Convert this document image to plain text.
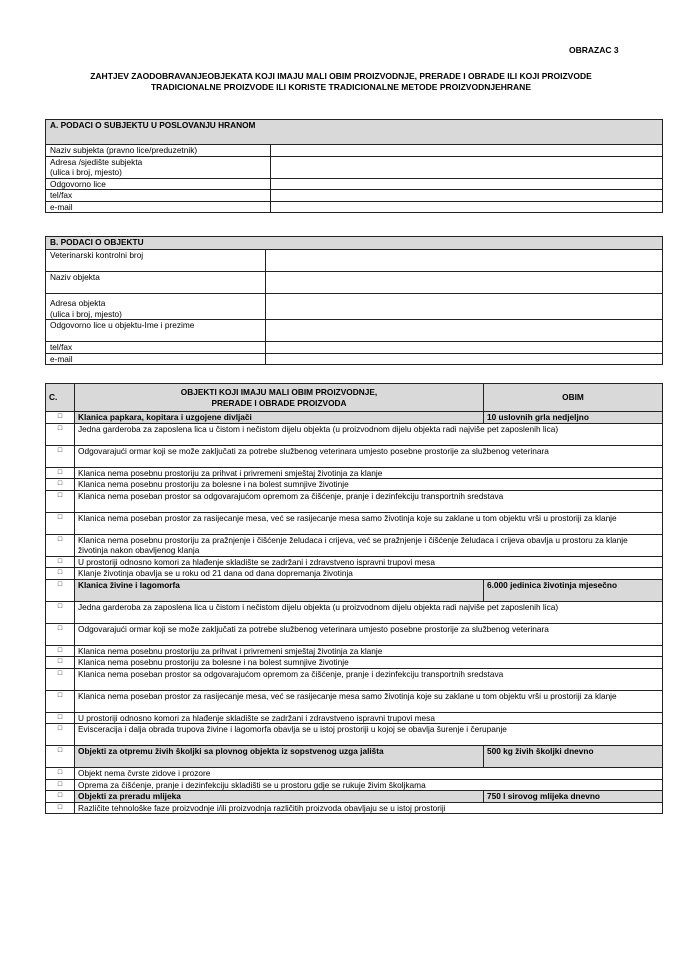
OBRAZAC 3
ZAHTJEV ZAODOBRAVANJEOBJEKATA KOJI IMAJU MALI OBIM PROIZVODNJE, PRERADE I OBRADE ILI KOJI PROIZVODE TRADICIONALNE PROIZVODE ILI KORISTE TRADICIONALNE METODE PROIZVODNJEHRANE
A. PODACI O SUBJEKTU U POSLOVANJU HRANOM	
Naziv subjekta (pravno lice/preduzetnik)	
Adresa /sjedište subjekta
(ulica i broj, mjesto)	
Odgovorno lice	
tel/fax	
e-mail	
B. PODACI O OBJEKTU	
Veterinarski kontrolni broj	
Naziv objekta	
Adresa objekta
(ulica i broj, mjesto)	
Odgovorno lice u objektu-Ime i prezime	
tel/fax	
e-mail	
C.	OBJEKTI KOJI IMAJU MALI OBIM PROIZVODNJE, PRERADE I OBRADE PROIZVODA	OBIM
□	Klanica papkara, kopitara i uzgojene divljači	10 uslovnih grla nedjeljno
□	Jedna garderoba za zaposlena lica u čistom i nečistom dijelu objekta (u proizvodnom dijelu objekta radi najviše pet zaposlenih lica)	
□	Odgovarajući ormar koji se može zaključati za potrebe službenog veterinara umjesto posebne prostorije za službenog veterinara	
□	Klanica nema posebnu prostoriju za prihvat i privremeni smještaj životinja za klanje	
□	Klanica nema posebnu prostoriju za bolesne i na bolest sumnjive životinje	
□	Klanica nema poseban prostor sa odgovarajućom opremom za čišćenje, pranje i dezinfekciju transportnih sredstava	
□	Klanica nema poseban prostor za rasijecanje mesa, već se rasijecanje mesa samo životinja koje su zaklane u tom objektu vrši u prostoriji za klanje	
□	Klanica nema posebnu prostoriju za pražnjenje i čišćenje želudaca i crijeva, već se pražnjenje i čišćenje želudaca i crijeva obavlja u prostoru za klanje životinja nakon obavljenog klanja	
□	U prostoriji odnosno komori za hlađenje skladište se zadržani i zdravstveno ispravni trupovi mesa	
□	Klanje životinja obavlja se u roku od 21 dana od dana dopremanja životinja	
□	Klanica živine i lagomorfa	6.000 jedinica životinja mjesečno
□	Jedna garderoba za zaposlena lica u čistom i nečistom dijelu objekta (u proizvodnom dijelu objekta radi najviše pet zaposlenih lica)	
□	Odgovarajući ormar koji se može zaključati za potrebe službenog veterinara umjesto posebne prostorije za službenog veterinara	
□	Klanica nema posebnu prostoriju za prihvat i privremeni smještaj životinja za klanje	
□	Klanica nema posebnu prostoriju za bolesne i na bolest sumnjive životinje	
□	Klanica nema poseban prostor sa odgovarajućom opremom za čišćenje, pranje i dezinfekciju transportnih sredstava	
□	Klanica nema poseban prostor za rasijecanje mesa, već se rasijecanje mesa samo životinja koje su zaklane u tom objektu vrši u prostoriji za klanje	
□	U prostoriji odnosno komori za hlađenje skladište se zadržani i zdravstveno ispravni trupovi mesa	
□	Evisceracija i dalja obrada trupova živine i lagomorfa obavlja se u istoj prostoriji u kojoj se obavlja šurenje i čerupanje	
□	Objekti za otpremu živih školjki sa plovnog objekta iz sopstvenog uzga jališta	500 kg živih školjki dnevno
□	Objekt nema čvrste zidove i prozore	
□	Oprema za čišćenje, pranje i dezinfekciju skladišti se u prostoru gdje se rukuje živim školjkama	
□	Objekti za preradu mlijeka	750 l sirovog mlijeka dnevno
□	Različite tehnološke faze proizvodnje i/ili proizvodnja različitih proizvoda obavljaju se u istoj prostoriji	
